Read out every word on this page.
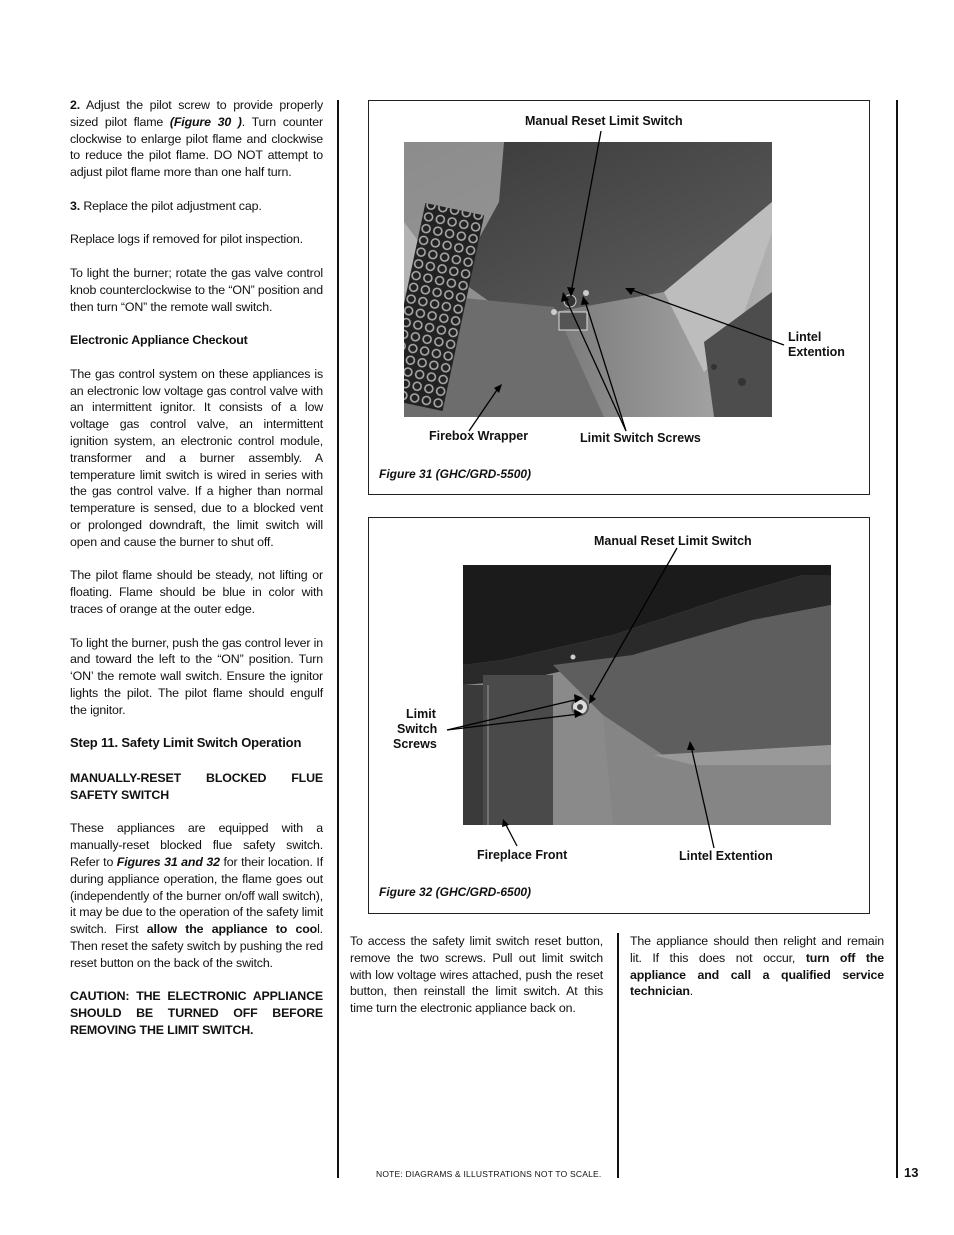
2. Adjust the pilot screw to provide properly sized pilot flame (Figure 30 ). Turn counter clockwise to enlarge pilot flame and clockwise to reduce the pilot flame. DO NOT attempt to adjust pilot flame more than one half turn.

3. Replace the pilot adjustment cap.

Replace logs if removed for pilot inspection.

To light the burner; rotate the gas valve control knob counterclockwise to the “ON” position and then turn “ON” the remote wall switch.

Electronic Appliance Checkout

The gas control system on these appliances is an electronic low voltage gas control valve with an intermittent ignitor. It consists of a low voltage gas control valve, an intermittent ignition system, an electronic control module, transformer and a burner assembly. A temperature limit switch is wired in series with the gas control valve. If a higher than normal temperature is sensed, due to a blocked vent or prolonged downdraft, the limit switch will open and cause the burner to shut off.

The pilot flame should be steady, not lifting or floating. Flame should be blue in color with traces of orange at the outer edge.

To light the burner, push the gas control lever in and toward the left to the “ON” position. Turn ‘ON’ the remote wall switch. Ensure the ignitor lights the pilot. The pilot flame should engulf the ignitor.

Step 11. Safety Limit Switch Operation

MANUALLY-RESET BLOCKED FLUE SAFETY SWITCH

These appliances are equipped with a manually-reset blocked flue safety switch. Refer to Figures 31 and 32 for their location. If during appliance operation, the flame goes out (independently of the burner on/off wall switch), it may be due to the operation of the safety limit switch. First allow the appliance to cool. Then reset the safety switch by pushing the red reset button on the back of the switch.

CAUTION: THE ELECTRONIC APPLIANCE SHOULD BE TURNED OFF BEFORE REMOVING THE LIMIT SWITCH.

Manual Reset Limit Switch
Lintel
Extention
Firebox Wrapper	Limit Switch Screws
Figure 31 (GHC/GRD-5500)
Manual Reset Limit Switch
Limit
Switch
Screws
Fireplace Front	Lintel Extention
Figure 32 (GHC/GRD-6500)
To access the safety limit switch reset button, remove the two screws. Pull out limit switch with low voltage wires attached, push the reset button, then reinstall the limit switch. At this time turn the electronic appliance back on.
The appliance should then relight and remain lit. If this does not occur, turn off the appliance and call a qualified service technician.
NOTE: DIAGRAMS & ILLUSTRATIONS NOT TO SCALE.	13
